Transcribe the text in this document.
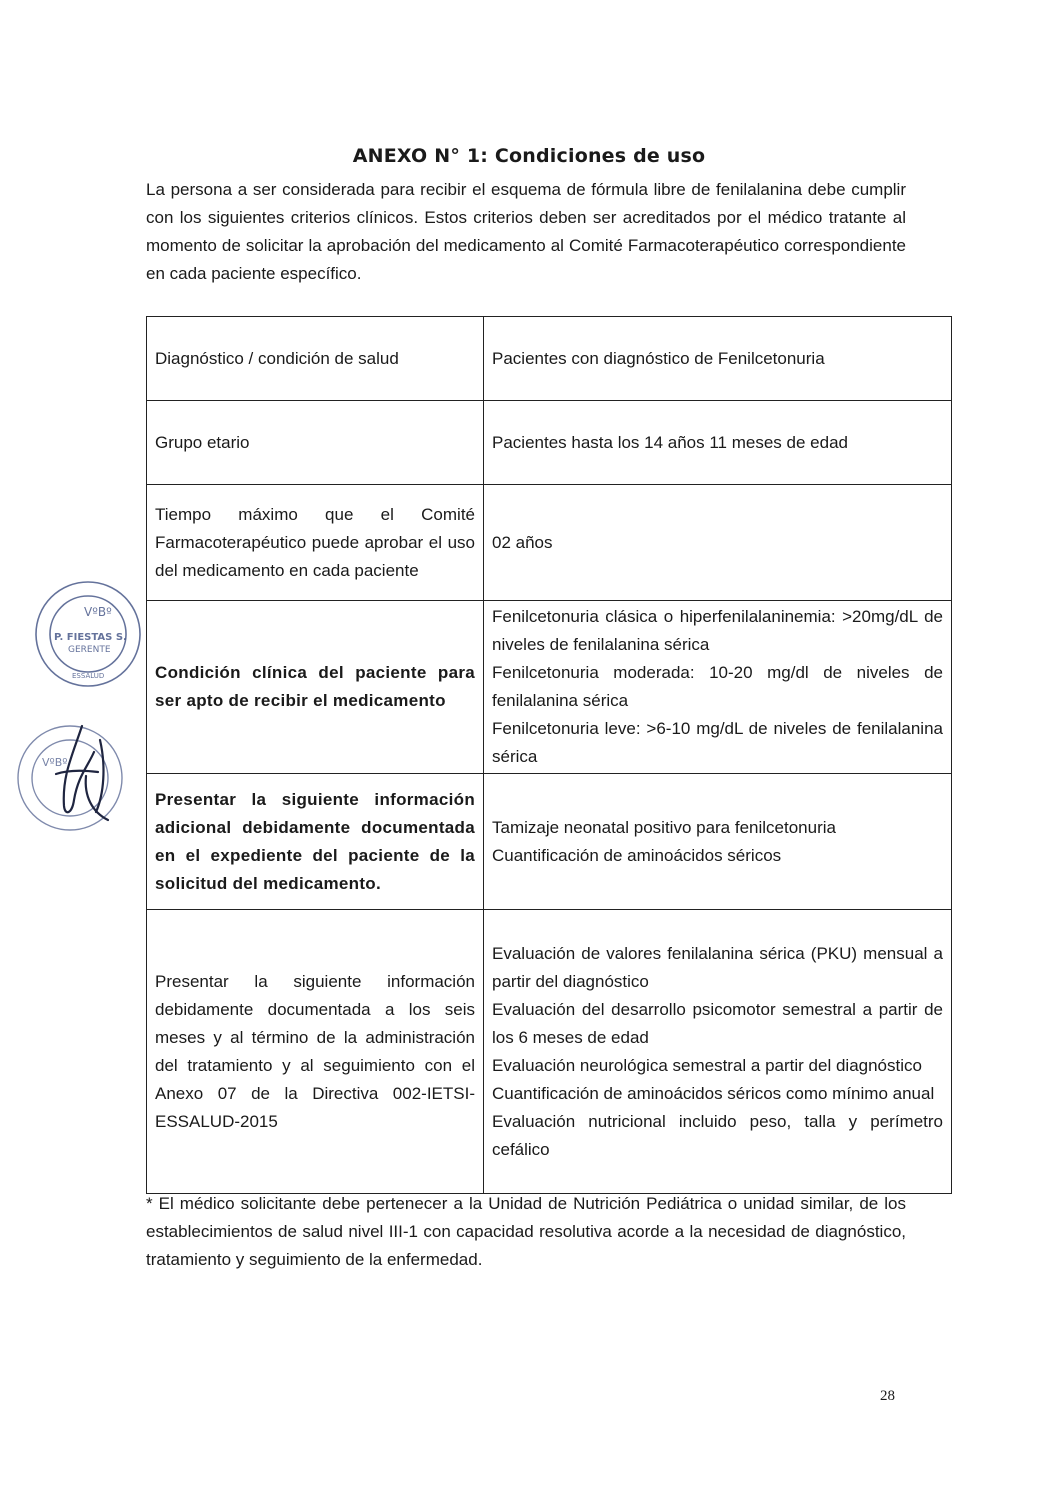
ANEXO N° 1: Condiciones de uso
La persona a ser considerada para recibir el esquema de fórmula libre de fenilalanina debe cumplir con los siguientes criterios clínicos. Estos criterios deben ser acreditados por el médico tratante al momento de solicitar la aprobación del medicamento al Comité Farmacoterapéutico correspondiente en cada paciente específico.
Diagnóstico / condición de salud	Pacientes con diagnóstico de Fenilcetonuria

Grupo etario	Pacientes hasta los 14 años 11 meses de edad

Tiempo máximo que el Comité Farmacoterapéutico puede aprobar el uso del medicamento en cada paciente	02 años

Condición clínica del paciente para ser apto de recibir el medicamento	Fenilcetonuria clásica o hiperfenilalaninemia: >20mg/dL de niveles de fenilalanina sérica
Fenilcetonuria moderada: 10-20 mg/dl de niveles de fenilalanina sérica
Fenilcetonuria leve: >6-10 mg/dL de niveles de fenilalanina sérica

Presentar la siguiente información adicional debidamente documentada en el expediente del paciente de la solicitud del medicamento.	Tamizaje neonatal positivo para fenilcetonuria
Cuantificación de aminoácidos séricos

Presentar la siguiente información debidamente documentada a los seis meses y al término de la administración del tratamiento y al seguimiento con el Anexo 07 de la Directiva 002-IETSI-ESSALUD-2015	Evaluación de valores fenilalanina sérica (PKU) mensual a partir del diagnóstico
Evaluación del desarrollo psicomotor semestral a partir de los 6 meses de edad
Evaluación neurológica semestral a partir del diagnóstico
Cuantificación de aminoácidos séricos como mínimo anual
Evaluación nutricional incluido peso, talla y perímetro cefálico
* El médico solicitante debe pertenecer a la Unidad de Nutrición Pediátrica o unidad similar, de los establecimientos de salud nivel III-1 con capacidad resolutiva acorde a la necesidad de diagnóstico, tratamiento y seguimiento de la enfermedad.
28
VºBº
P. FIESTAS S.
GERENTE
ESSALUD
VºBº
